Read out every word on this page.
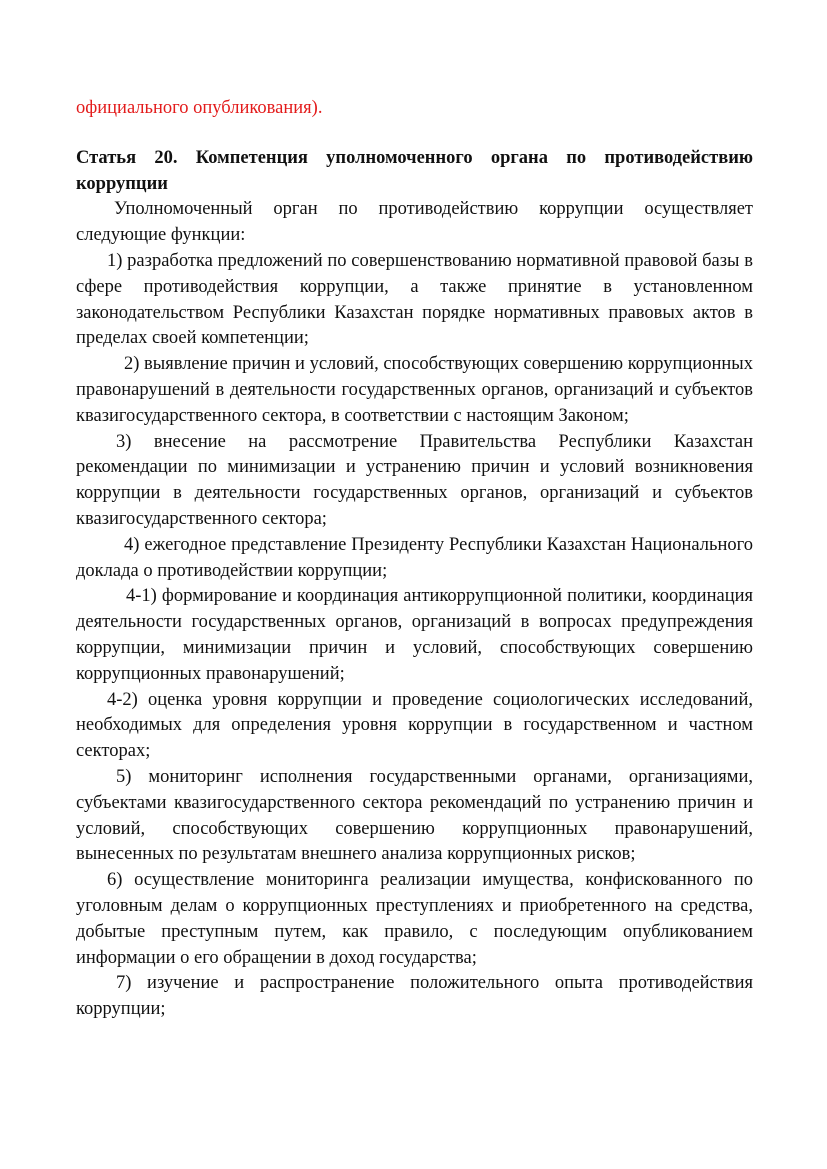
официального опубликования).

Статья 20. Компетенция уполномоченного органа по противодействию коррупции

Уполномоченный орган по противодействию коррупции осуществляет следующие функции:

1) разработка предложений по совершенствованию нормативной правовой базы в сфере противодействия коррупции, а также принятие в установленном законодательством Республики Казахстан порядке нормативных правовых актов в пределах своей компетенции;

2) выявление причин и условий, способствующих совершению коррупционных правонарушений в деятельности государственных органов, организаций и субъектов квазигосударственного сектора, в соответствии с настоящим Законом;

3) внесение на рассмотрение Правительства Республики Казахстан рекомендации по минимизации и устранению причин и условий возникновения коррупции в деятельности государственных органов, организаций и субъектов квазигосударственного сектора;

4) ежегодное представление Президенту Республики Казахстан Национального доклада о противодействии коррупции;

4-1) формирование и координация антикоррупционной политики, координация деятельности государственных органов, организаций в вопросах предупреждения коррупции, минимизации причин и условий, способствующих совершению коррупционных правонарушений;

4-2) оценка уровня коррупции и проведение социологических исследований, необходимых для определения уровня коррупции в государственном и частном секторах;

5) мониторинг исполнения государственными органами, организациями, субъектами квазигосударственного сектора рекомендаций по устранению причин и условий, способствующих совершению коррупционных правонарушений, вынесенных по результатам внешнего анализа коррупционных рисков;

6) осуществление мониторинга реализации имущества, конфискованного по уголовным делам о коррупционных преступлениях и приобретенного на средства, добытые преступным путем, как правило, с последующим опубликованием информации о его обращении в доход государства;

7) изучение и распространение положительного опыта противодействия коррупции;
